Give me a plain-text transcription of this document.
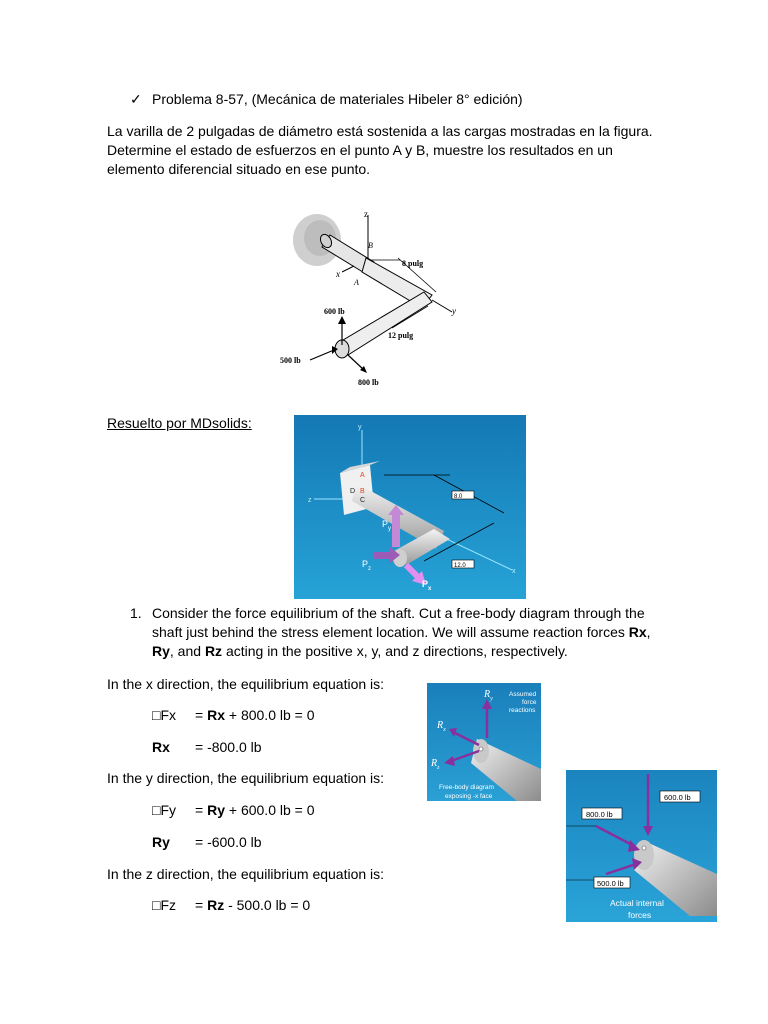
✓ Problema 8-57, (Mecánica de materiales Hibeler 8° edición)
La varilla de 2 pulgadas de diámetro está sostenida a las cargas mostradas en la figura.
Determine el estado de esfuerzos en el punto A y B, muestre los resultados en un
elemento diferencial situado en ese punto.
z
x
y
B
A
8 pulg
12 pulg
600 lb
500 lb
800 lb
Resuelto por MDsolids:
8.0
12.0
y
z
x
A
D B
C
$P_y$
$P_z$
$P_x$
1. Consider the force equilibrium of the shaft. Cut a free-body diagram through the
shaft just behind the stress element location. We will assume reaction forces Rx,
Ry, and Rz acting in the positive x, y, and z directions, respectively.
In the x direction, the equilibrium equation is:
□Fx = Rx + 800.0 lb = 0
Rx = -800.0 lb
In the y direction, the equilibrium equation is:
□Fy = Ry + 600.0 lb = 0
Ry = -600.0 lb
In the z direction, the equilibrium equation is:
□Fz = Rz - 500.0 lb = 0
$R_y$
$R_x$
$R_z$
Assumed
force
reactions
Free-body diagram
exposing -x face	600.0 lb
800.0 lb
500.0 lb
Actual internal
forces
